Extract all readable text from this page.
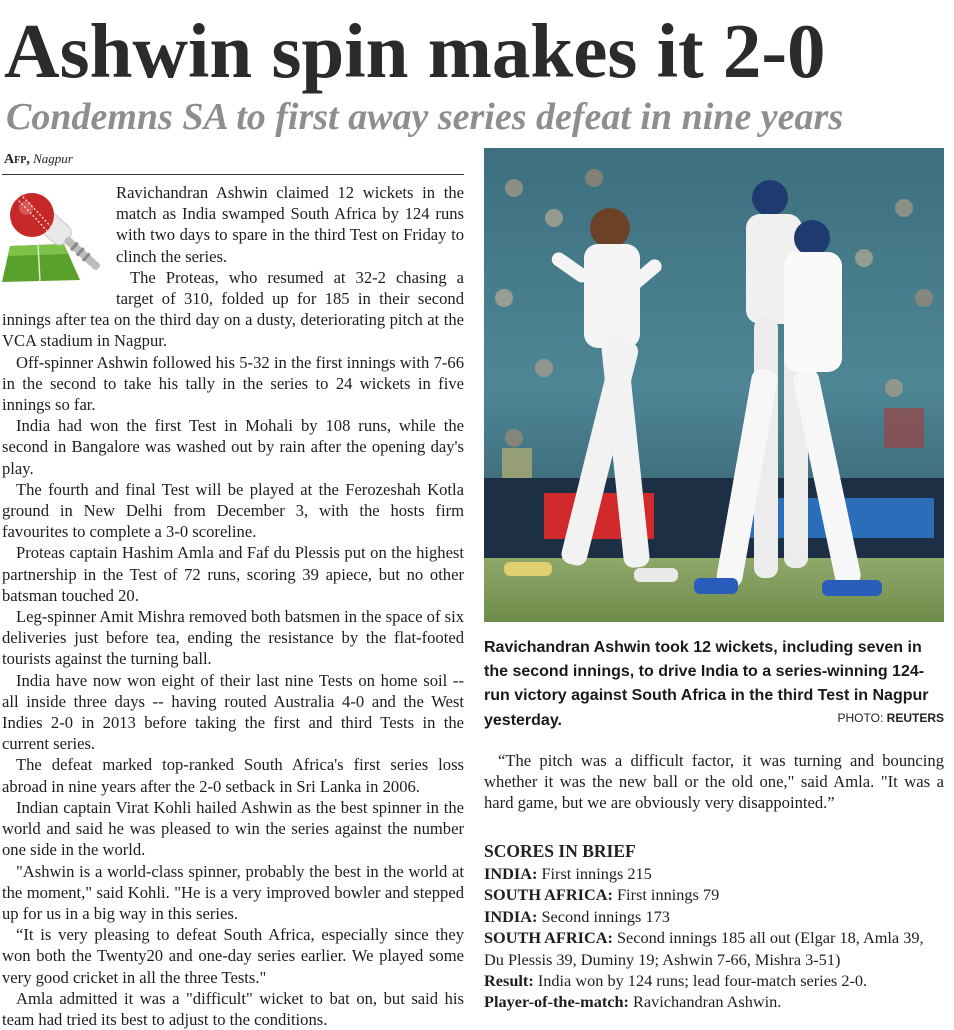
Ashwin spin makes it 2-0
Condemns SA to first away series defeat in nine years
Afp, Nagpur

Ravichandran Ashwin claimed 12 wickets in the match as India swamped South Africa by 124 runs with two days to spare in the third Test on Friday to clinch the series.

The Proteas, who resumed at 32-2 chasing a target of 310, folded up for 185 in their second innings after tea on the third day on a dusty, deteriorating pitch at the VCA stadium in Nagpur.

Off-spinner Ashwin followed his 5-32 in the first innings with 7-66 in the second to take his tally in the series to 24 wickets in five innings so far.

India had won the first Test in Mohali by 108 runs, while the second in Bangalore was washed out by rain after the opening day's play.

The fourth and final Test will be played at the Ferozeshah Kotla ground in New Delhi from December 3, with the hosts firm favourites to complete a 3-0 scoreline.

Proteas captain Hashim Amla and Faf du Plessis put on the highest partnership in the Test of 72 runs, scoring 39 apiece, but no other batsman touched 20.

Leg-spinner Amit Mishra removed both batsmen in the space of six deliveries just before tea, ending the resistance by the flat-footed tourists against the turning ball.

India have now won eight of their last nine Tests on home soil -- all inside three days -- having routed Australia 4-0 and the West Indies 2-0 in 2013 before taking the first and third Tests in the current series.

The defeat marked top-ranked South Africa's first series loss abroad in nine years after the 2-0 setback in Sri Lanka in 2006.

Indian captain Virat Kohli hailed Ashwin as the best spinner in the world and said he was pleased to win the series against the number one side in the world.

"Ashwin is a world-class spinner, probably the best in the world at the moment," said Kohli. "He is a very improved bowler and stepped up for us in a big way in this series.

“It is very pleasing to defeat South Africa, especially since they won both the Twenty20 and one-day series earlier. We played some very good cricket in all the three Tests."

Amla admitted it was a "difficult" wicket to bat on, but said his team had tried its best to adjust to the conditions.

Ravichandran Ashwin took 12 wickets, including seven in the second innings, to drive India to a series-winning 124-run victory against South Africa in the third Test in Nagpur yesterday.	PHOTO: REUTERS

“The pitch was a difficult factor, it was turning and bouncing whether it was the new ball or the old one," said Amla. "It was a hard game, but we are obviously very disappointed.”

SCORES IN BRIEF
INDIA: First innings 215
SOUTH AFRICA: First innings 79
INDIA: Second innings 173
SOUTH AFRICA: Second innings 185 all out (Elgar 18, Amla 39, Du Plessis 39, Duminy 19; Ashwin 7-66, Mishra 3-51)
Result: India won by 124 runs; lead four-match series 2-0.
Player-of-the-match: Ravichandran Ashwin.
